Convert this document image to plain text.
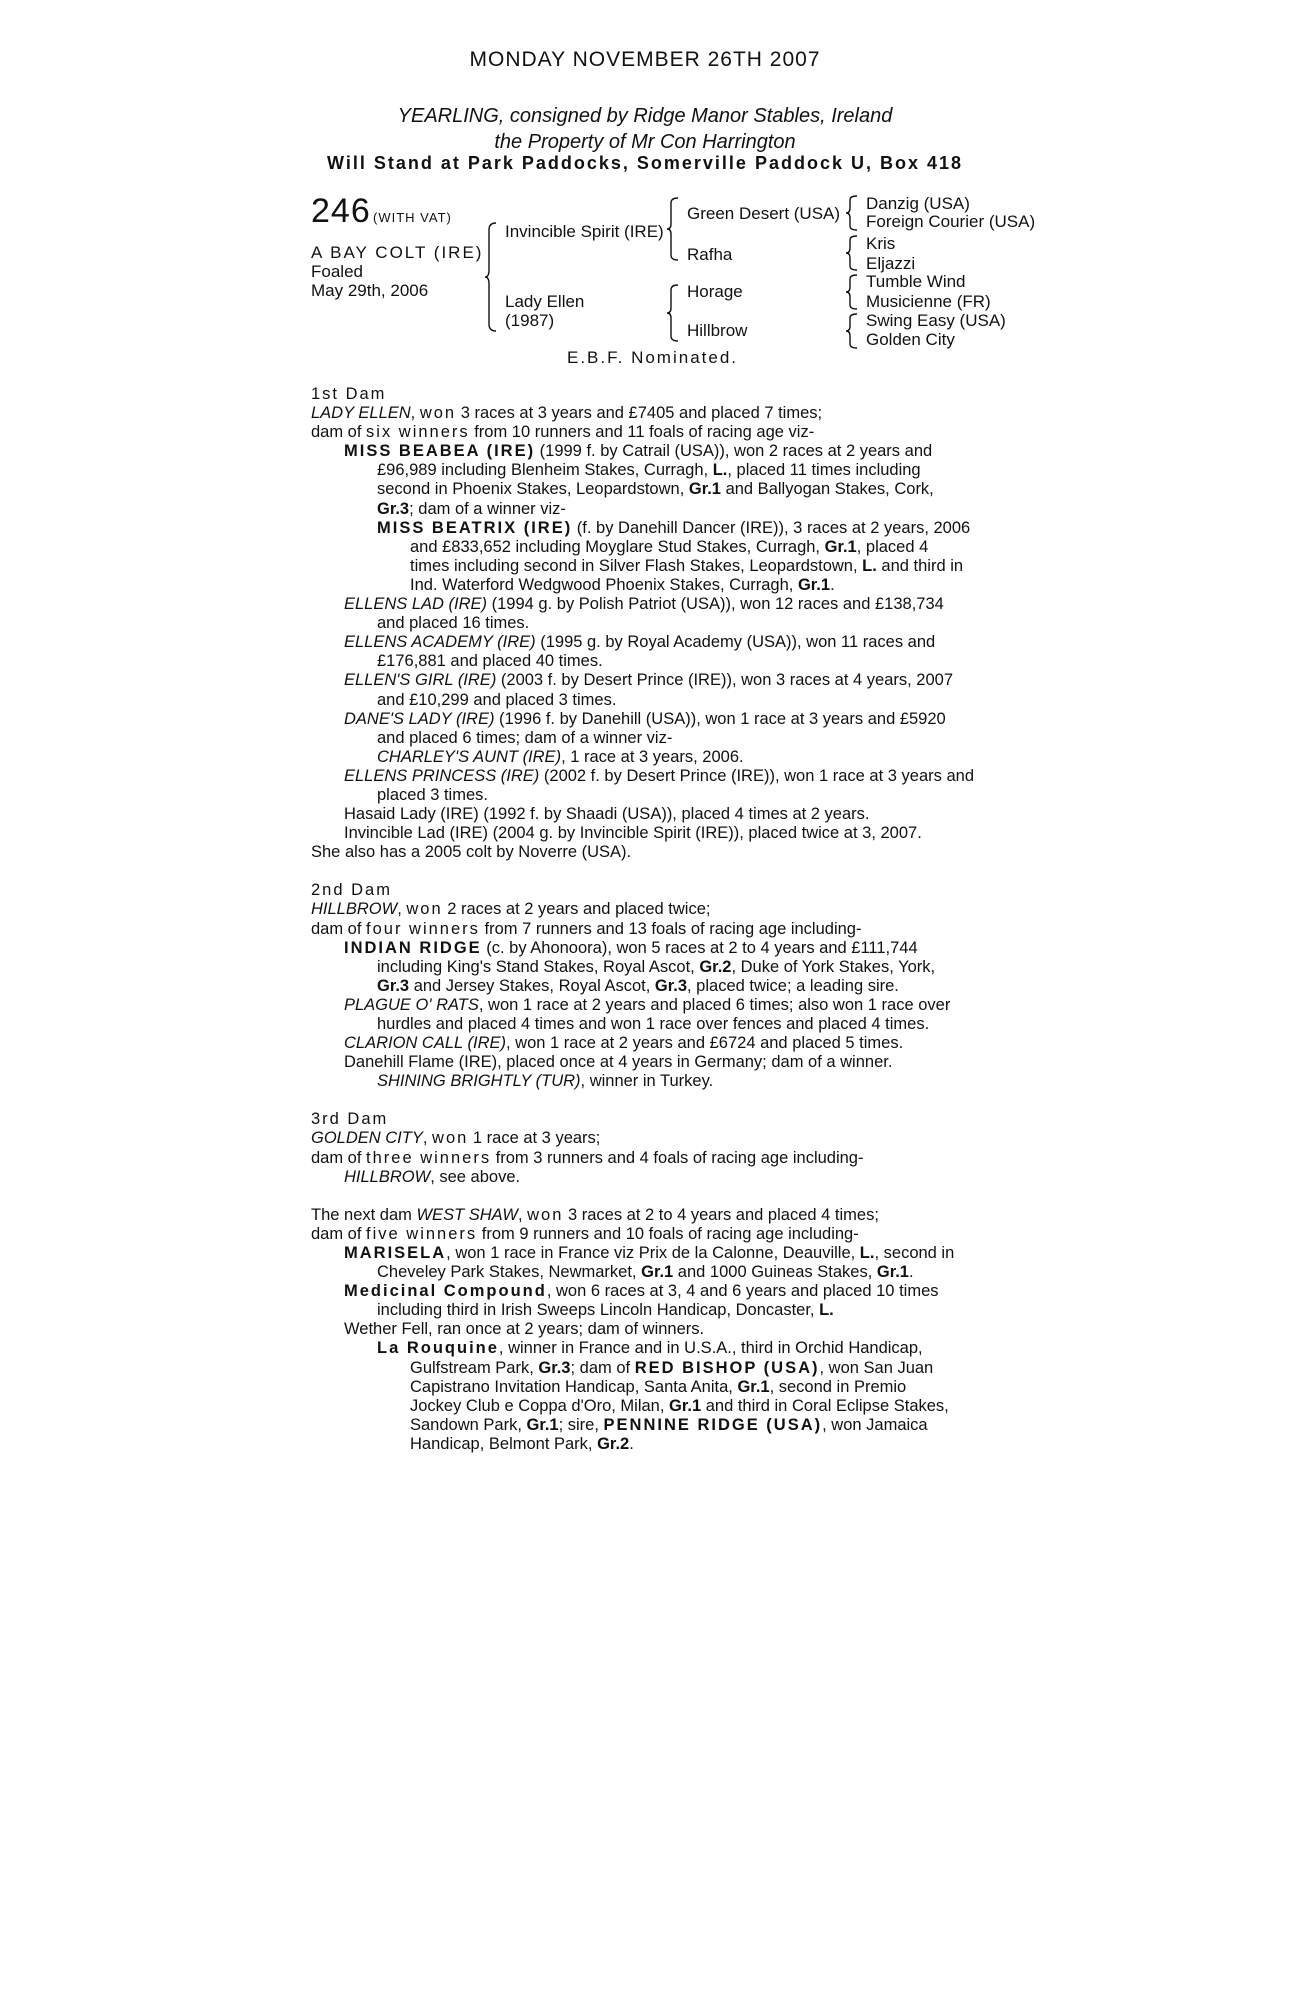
MONDAY NOVEMBER 26TH 2007
YEARLING, consigned by Ridge Manor Stables, Ireland
the Property of Mr Con Harrington
Will Stand at Park Paddocks, Somerville Paddock U, Box 418
246 (WITH VAT)
A BAY COLT (IRE)
Foaled
May 29th, 2006
Invincible Spirit (IRE)
Lady Ellen
(1987)
Green Desert (USA)
Rafha
Horage
Hillbrow
Danzig (USA)
Foreign Courier (USA)
Kris
Eljazzi
Tumble Wind
Musicienne (FR)
Swing Easy (USA)
Golden City
E.B.F. Nominated.

1st Dam

LADY ELLEN, won 3 races at 3 years and £7405 and placed 7 times;

dam of six winners from 10 runners and 11 foals of racing age viz-

MISS BEABEA (IRE) (1999 f. by Catrail (USA)), won 2 races at 2 years and

£96,989 including Blenheim Stakes, Curragh, L., placed 11 times including

second in Phoenix Stakes, Leopardstown, Gr.1 and Ballyogan Stakes, Cork,

Gr.3; dam of a winner viz-

MISS BEATRIX (IRE) (f. by Danehill Dancer (IRE)), 3 races at 2 years, 2006

and £833,652 including Moyglare Stud Stakes, Curragh, Gr.1, placed 4

times including second in Silver Flash Stakes, Leopardstown, L. and third in

Ind. Waterford Wedgwood Phoenix Stakes, Curragh, Gr.1.

ELLENS LAD (IRE) (1994 g. by Polish Patriot (USA)), won 12 races and £138,734

and placed 16 times.

ELLENS ACADEMY (IRE) (1995 g. by Royal Academy (USA)), won 11 races and

£176,881 and placed 40 times.

ELLEN'S GIRL (IRE) (2003 f. by Desert Prince (IRE)), won 3 races at 4 years, 2007

and £10,299 and placed 3 times.

DANE'S LADY (IRE) (1996 f. by Danehill (USA)), won 1 race at 3 years and £5920

and placed 6 times; dam of a winner viz-

CHARLEY'S AUNT (IRE), 1 race at 3 years, 2006.

ELLENS PRINCESS (IRE) (2002 f. by Desert Prince (IRE)), won 1 race at 3 years and

placed 3 times.

Hasaid Lady (IRE) (1992 f. by Shaadi (USA)), placed 4 times at 2 years.

Invincible Lad (IRE) (2004 g. by Invincible Spirit (IRE)), placed twice at 3, 2007.

She also has a 2005 colt by Noverre (USA).

2nd Dam

HILLBROW, won 2 races at 2 years and placed twice;

dam of four winners from 7 runners and 13 foals of racing age including-

INDIAN RIDGE (c. by Ahonoora), won 5 races at 2 to 4 years and £111,744

including King's Stand Stakes, Royal Ascot, Gr.2, Duke of York Stakes, York,

Gr.3 and Jersey Stakes, Royal Ascot, Gr.3, placed twice; a leading sire.

PLAGUE O' RATS, won 1 race at 2 years and placed 6 times; also won 1 race over

hurdles and placed 4 times and won 1 race over fences and placed 4 times.

CLARION CALL (IRE), won 1 race at 2 years and £6724 and placed 5 times.

Danehill Flame (IRE), placed once at 4 years in Germany; dam of a winner.

SHINING BRIGHTLY (TUR), winner in Turkey.

3rd Dam

GOLDEN CITY, won 1 race at 3 years;

dam of three winners from 3 runners and 4 foals of racing age including-

HILLBROW, see above.

The next dam WEST SHAW, won 3 races at 2 to 4 years and placed 4 times;

dam of five winners from 9 runners and 10 foals of racing age including-

MARISELA, won 1 race in France viz Prix de la Calonne, Deauville, L., second in

Cheveley Park Stakes, Newmarket, Gr.1 and 1000 Guineas Stakes, Gr.1.

Medicinal Compound, won 6 races at 3, 4 and 6 years and placed 10 times

including third in Irish Sweeps Lincoln Handicap, Doncaster, L.

Wether Fell, ran once at 2 years; dam of winners.

La Rouquine, winner in France and in U.S.A., third in Orchid Handicap,

Gulfstream Park, Gr.3; dam of RED BISHOP (USA), won San Juan

Capistrano Invitation Handicap, Santa Anita, Gr.1, second in Premio

Jockey Club e Coppa d'Oro, Milan, Gr.1 and third in Coral Eclipse Stakes,

Sandown Park, Gr.1; sire, PENNINE RIDGE (USA), won Jamaica

Handicap, Belmont Park, Gr.2.
